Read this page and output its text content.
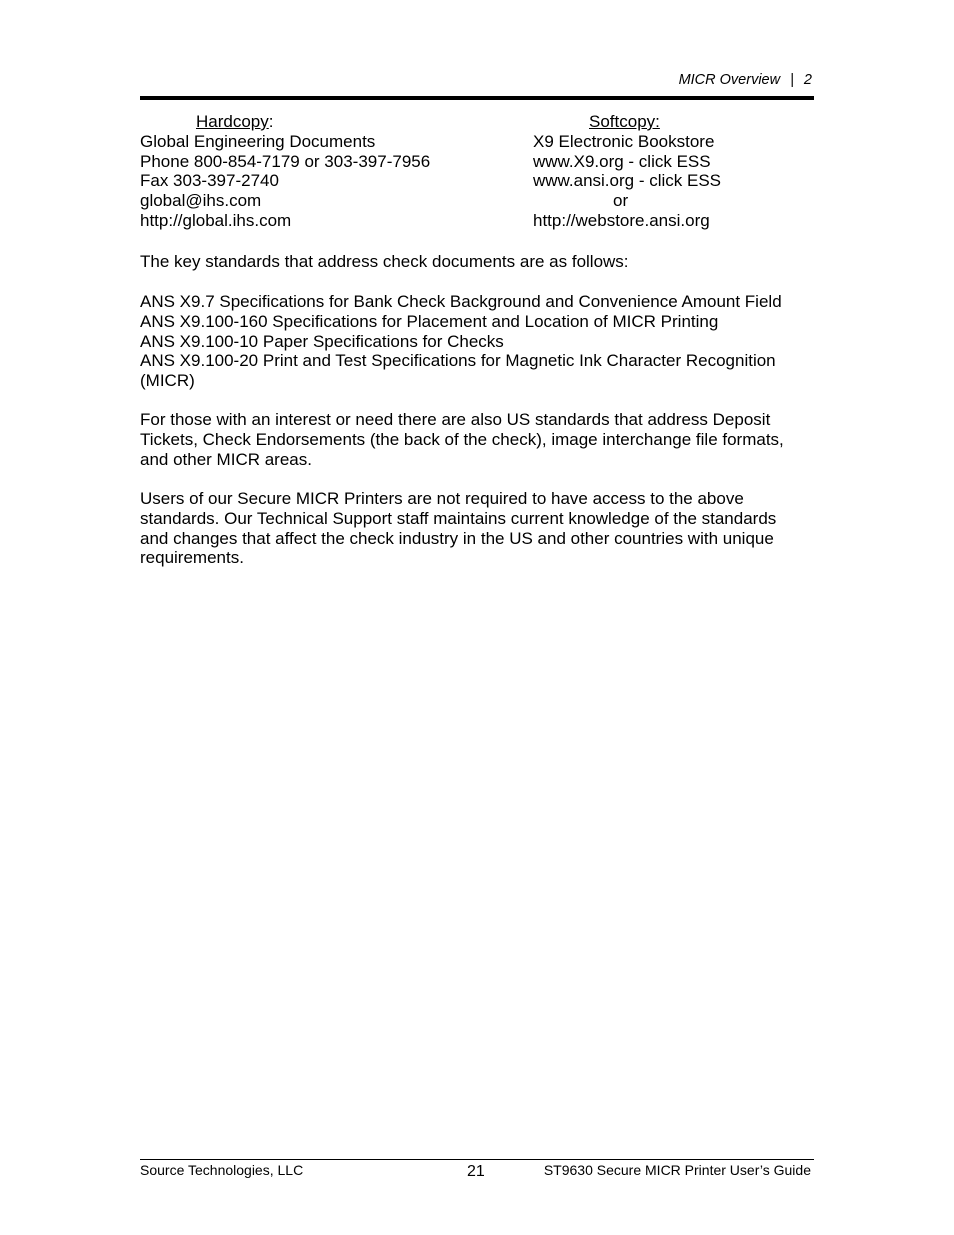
MICR Overview | 2
Hardcopy:
Global Engineering Documents
Phone 800-854-7179 or 303-397-7956
Fax 303-397-2740
global@ihs.com
http://global.ihs.com
Softcopy:
X9 Electronic Bookstore
www.X9.org - click ESS
www.ansi.org - click ESS
or
http://webstore.ansi.org
The key standards that address check documents are as follows:
ANS X9.7 Specifications for Bank Check Background and Convenience Amount Field
ANS X9.100-160 Specifications for Placement and Location of MICR Printing
ANS X9.100-10 Paper Specifications for Checks
ANS X9.100-20 Print and Test Specifications for Magnetic Ink Character Recognition
(MICR)
For those with an interest or need there are also US standards that address Deposit
Tickets, Check Endorsements (the back of the check), image interchange file formats,
and other MICR areas.
Users of our Secure MICR Printers are not required to have access to the above
standards. Our Technical Support staff maintains current knowledge of the standards
and changes that affect the check industry in the US and other countries with unique
requirements.
Source Technologies, LLC	21	ST9630 Secure MICR Printer User’s Guide
